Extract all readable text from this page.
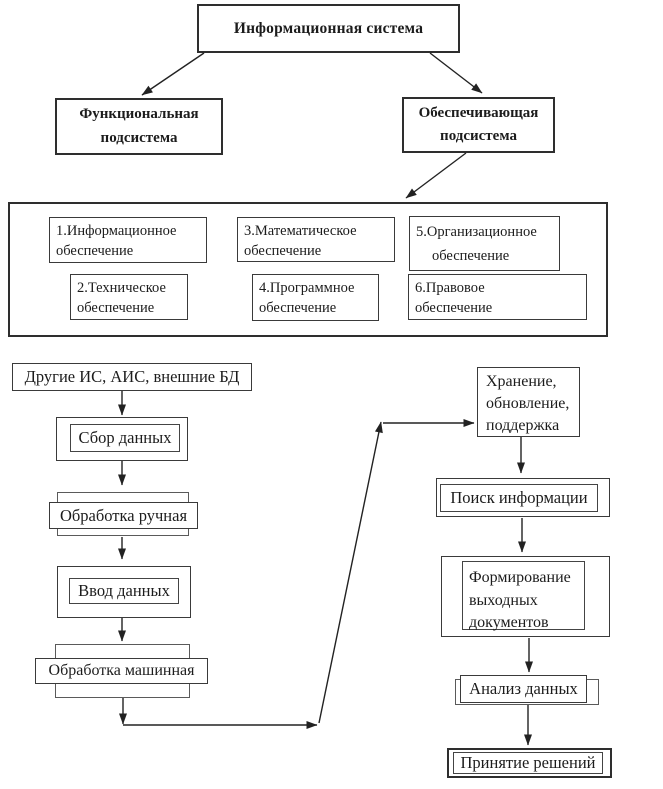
Информационная система
Функциональная
подсистема
Обеспечивающая
подсистема
1.Информационное
обеспечение
3.Математическое
обеспечение
5.Организационное
обеспечение
2.Техническое
обеспечение
4.Программное
обеспечение
6.Правовое
обеспечение
Другие ИС, АИС, внешние БД
Сбор данных
Обработка ручная
Ввод данных
Обработка машинная
Хранение,
обновление,
поддержка
Поиск информации
Формирование
выходных
документов
Анализ данных
Принятие решений
